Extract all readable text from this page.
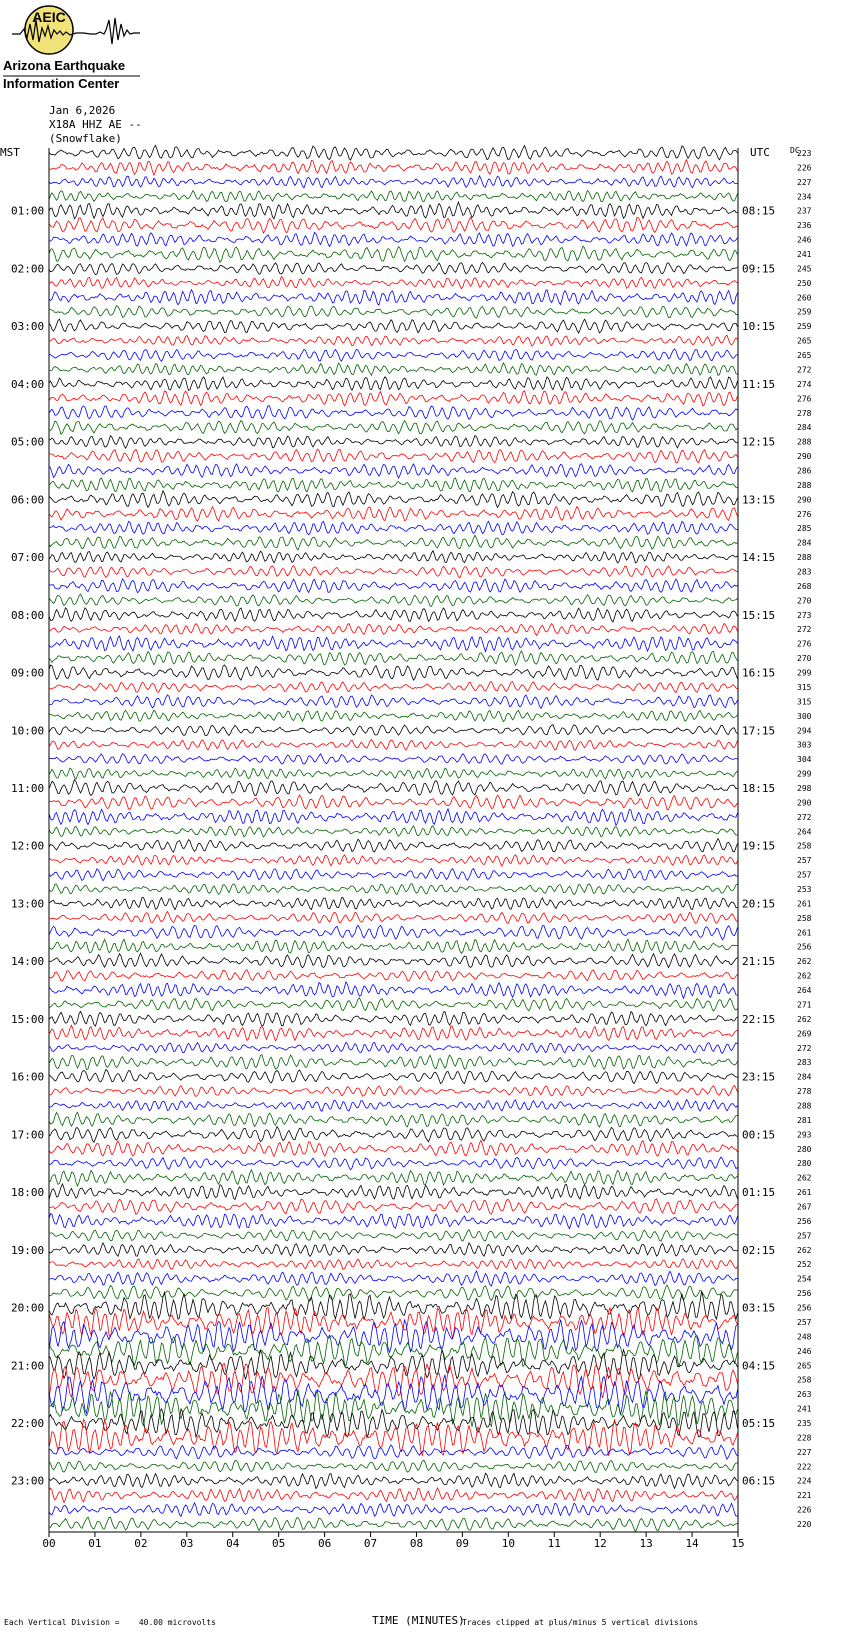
AEIC
Arizona Earthquake
Information Center
Jan 6,2026
X18A HHZ AE --
(Snowflake)
01:00
02:00
03:00
04:00
05:00
06:00
07:00
08:00
09:00
10:00
11:00
12:00
13:00
14:00
15:00
16:00
17:00
18:00
19:00
20:00
21:00
22:00
23:00
08:15
09:15
10:15
11:15
12:15
13:15
14:15
15:15
16:15
17:15
18:15
19:15
20:15
21:15
22:15
23:15
00:15
01:15
02:15
03:15
04:15
05:15
06:15
223
226
227
234
237
236
246
241
245
250
260
259
259
265
265
272
274
276
278
284
288
290
286
288
290
276
285
284
288
283
268
270
273
272
276
270
299
315
315
300
294
303
304
299
298
290
272
264
258
257
257
253
261
258
261
256
262
262
264
271
262
269
272
283
284
278
288
281
293
280
280
262
261
267
256
257
262
252
254
256
256
257
248
246
265
258
263
241
235
228
227
222
224
221
226
220
00	01	02	03	04	05	06	07	08	09	10	11	12	13	14	15
MST	UTC	DC
Each Vertical Division =    40.00 microvolts	TIME (MINUTES)
Traces clipped at plus/minus 5 vertical divisions
